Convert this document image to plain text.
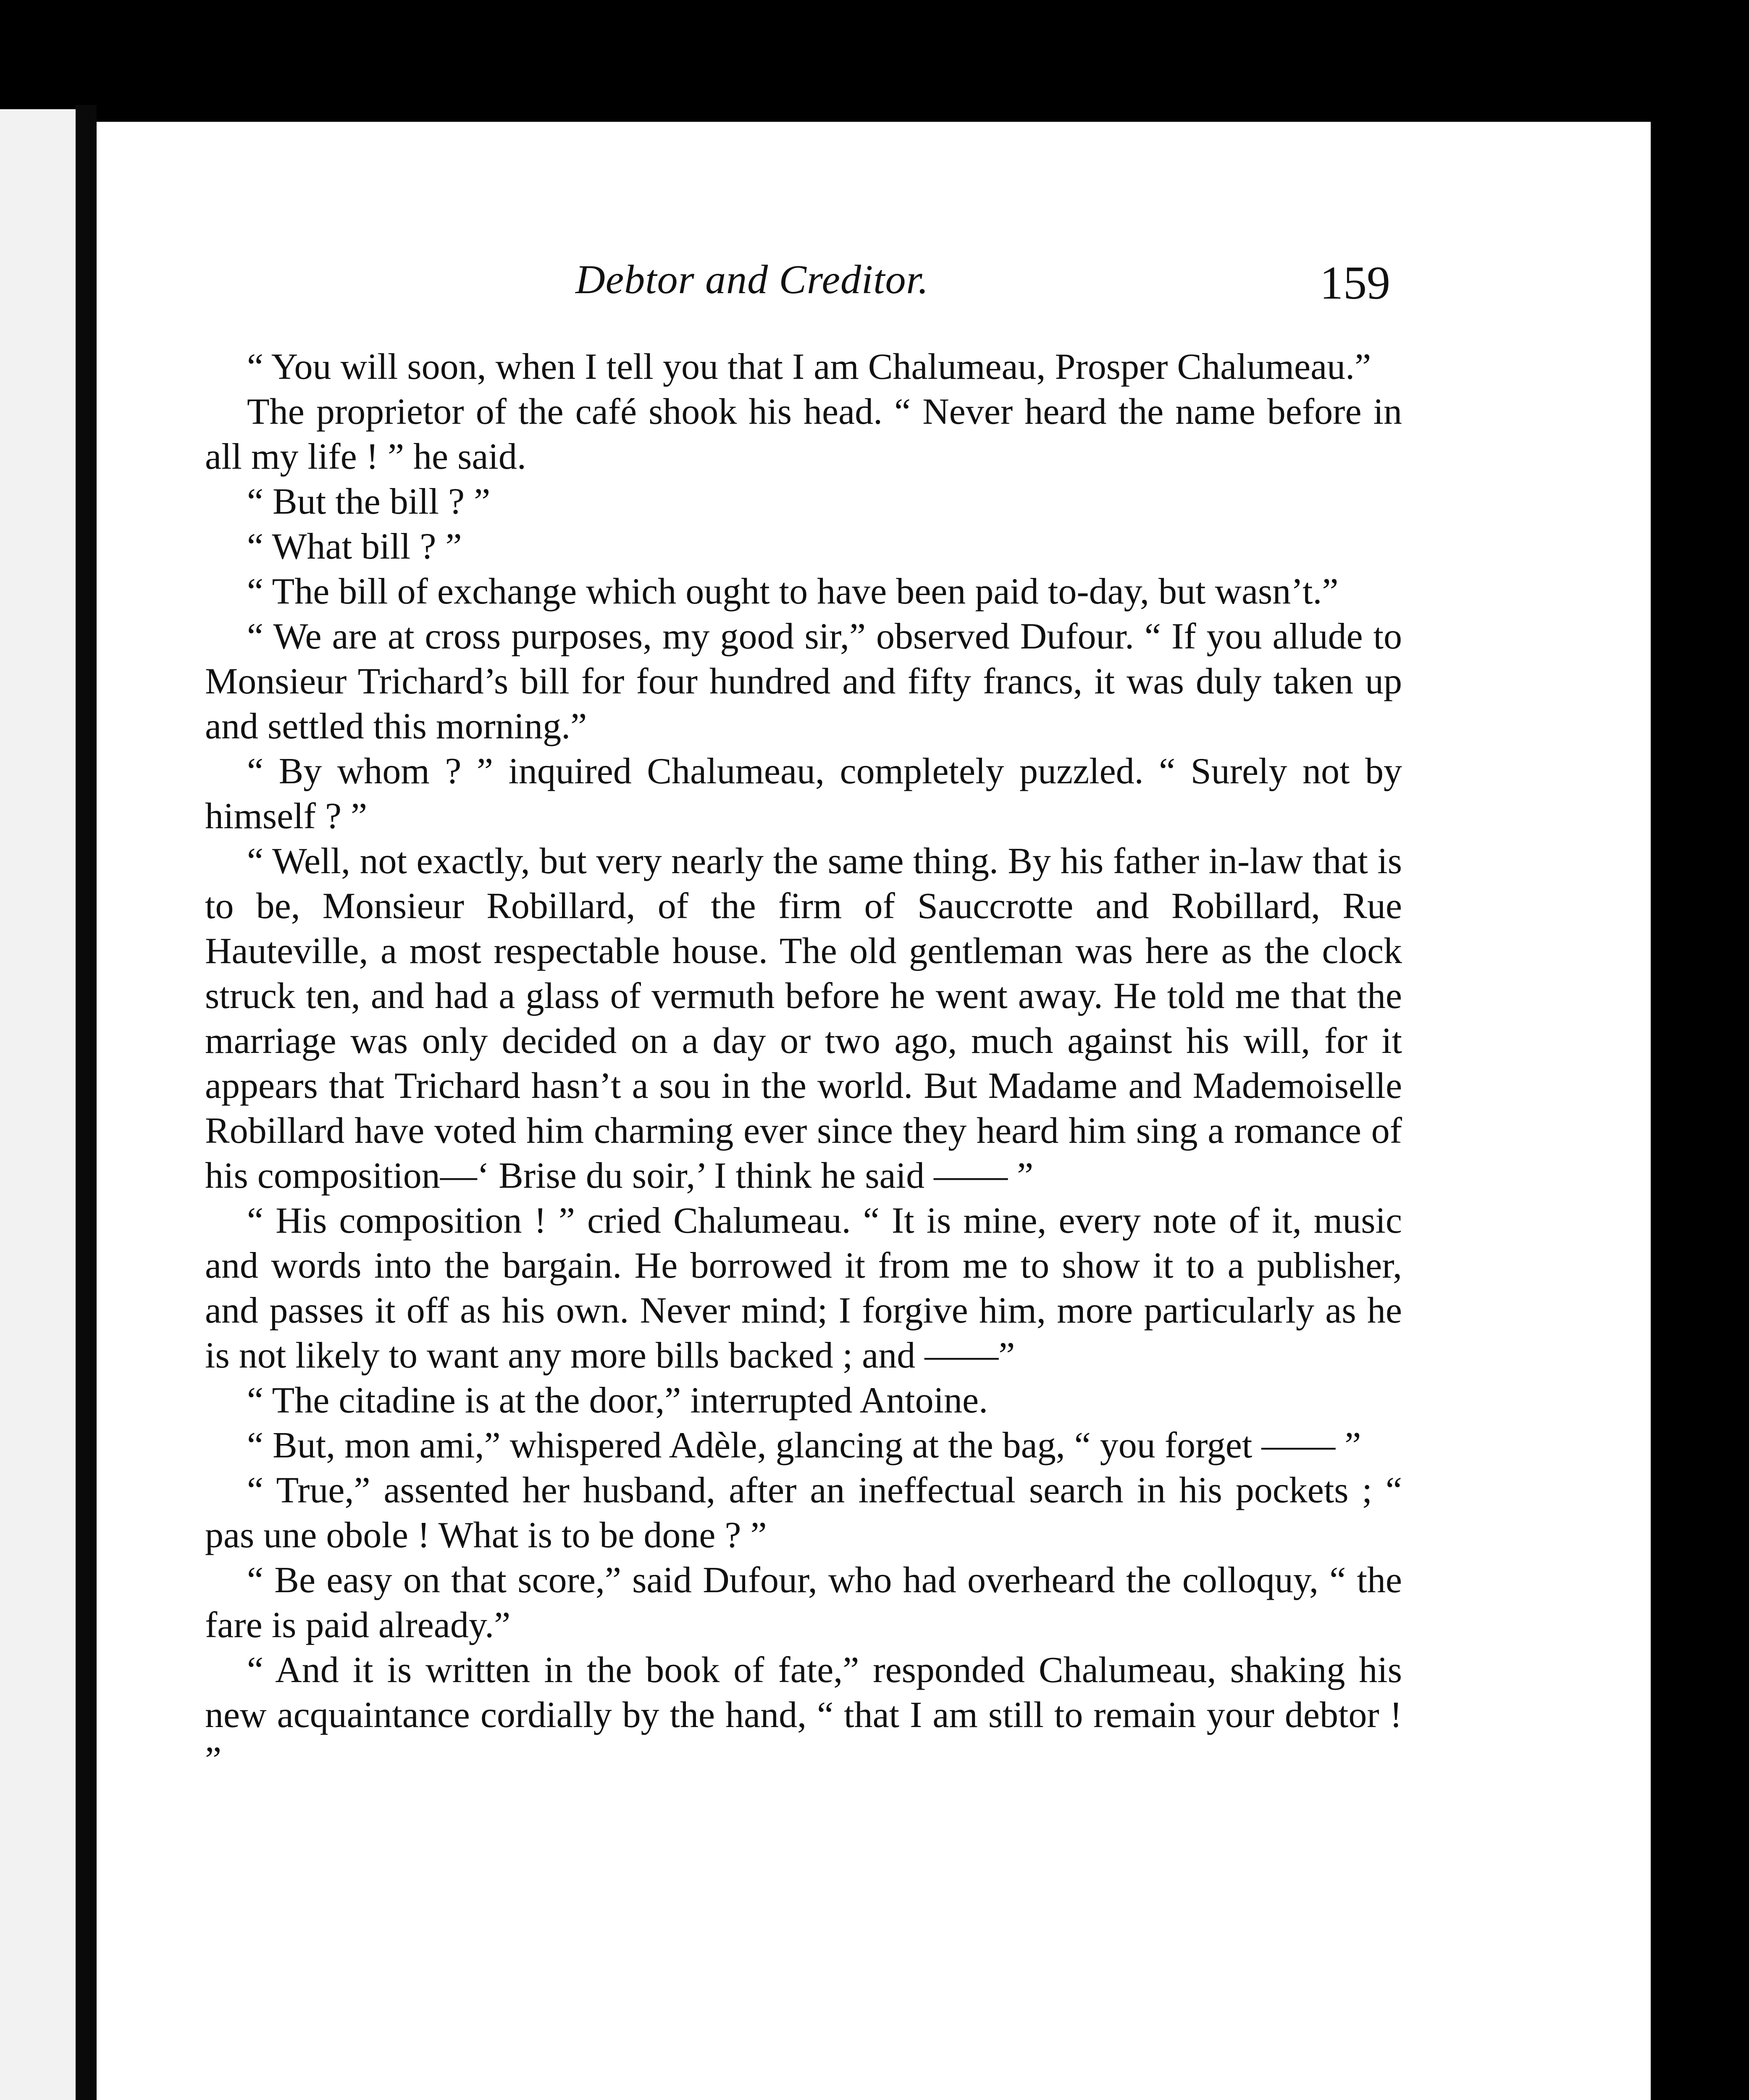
Debtor and Creditor.	159

“ You will soon, when I tell you that I am Chalumeau, Prosper Chalumeau.”

The proprietor of the café shook his head. “ Never heard the name before in all my life ! ” he said.

“ But the bill ? ”

“ What bill ? ”

“ The bill of exchange which ought to have been paid to-day, but wasn’t.”

“ We are at cross purposes, my good sir,” observed Dufour. “ If you allude to Monsieur Trichard’s bill for four hundred and fifty francs, it was duly taken up and settled this morning.”

“ By whom ? ” inquired Chalumeau, completely puzzled. “ Surely not by himself ? ”

“ Well, not exactly, but very nearly the same thing. By his father in-law that is to be, Monsieur Robillard, of the firm of Sauccrotte and Robillard, Rue Hauteville, a most respectable house. The old gentleman was here as the clock struck ten, and had a glass of vermuth before he went away. He told me that the marriage was only decided on a day or two ago, much against his will, for it appears that Trichard hasn’t a sou in the world. But Madame and Mademoiselle Robillard have voted him charming ever since they heard him sing a romance of his composition—‘ Brise du soir,’ I think he said —— ”

“ His composition ! ” cried Chalumeau. “ It is mine, every note of it, music and words into the bargain. He borrowed it from me to show it to a publisher, and passes it off as his own. Never mind; I forgive him, more particularly as he is not likely to want any more bills backed ; and ——”

“ The citadine is at the door,” interrupted Antoine.

“ But, mon ami,” whispered Adèle, glancing at the bag, “ you forget —— ”

“ True,” assented her husband, after an ineffectual search in his pockets ; “ pas une obole ! What is to be done ? ”

“ Be easy on that score,” said Dufour, who had overheard the colloquy, “ the fare is paid already.”

“ And it is written in the book of fate,” responded Chalumeau, shaking his new acquaintance cordially by the hand, “ that I am still to remain your debtor ! ”
